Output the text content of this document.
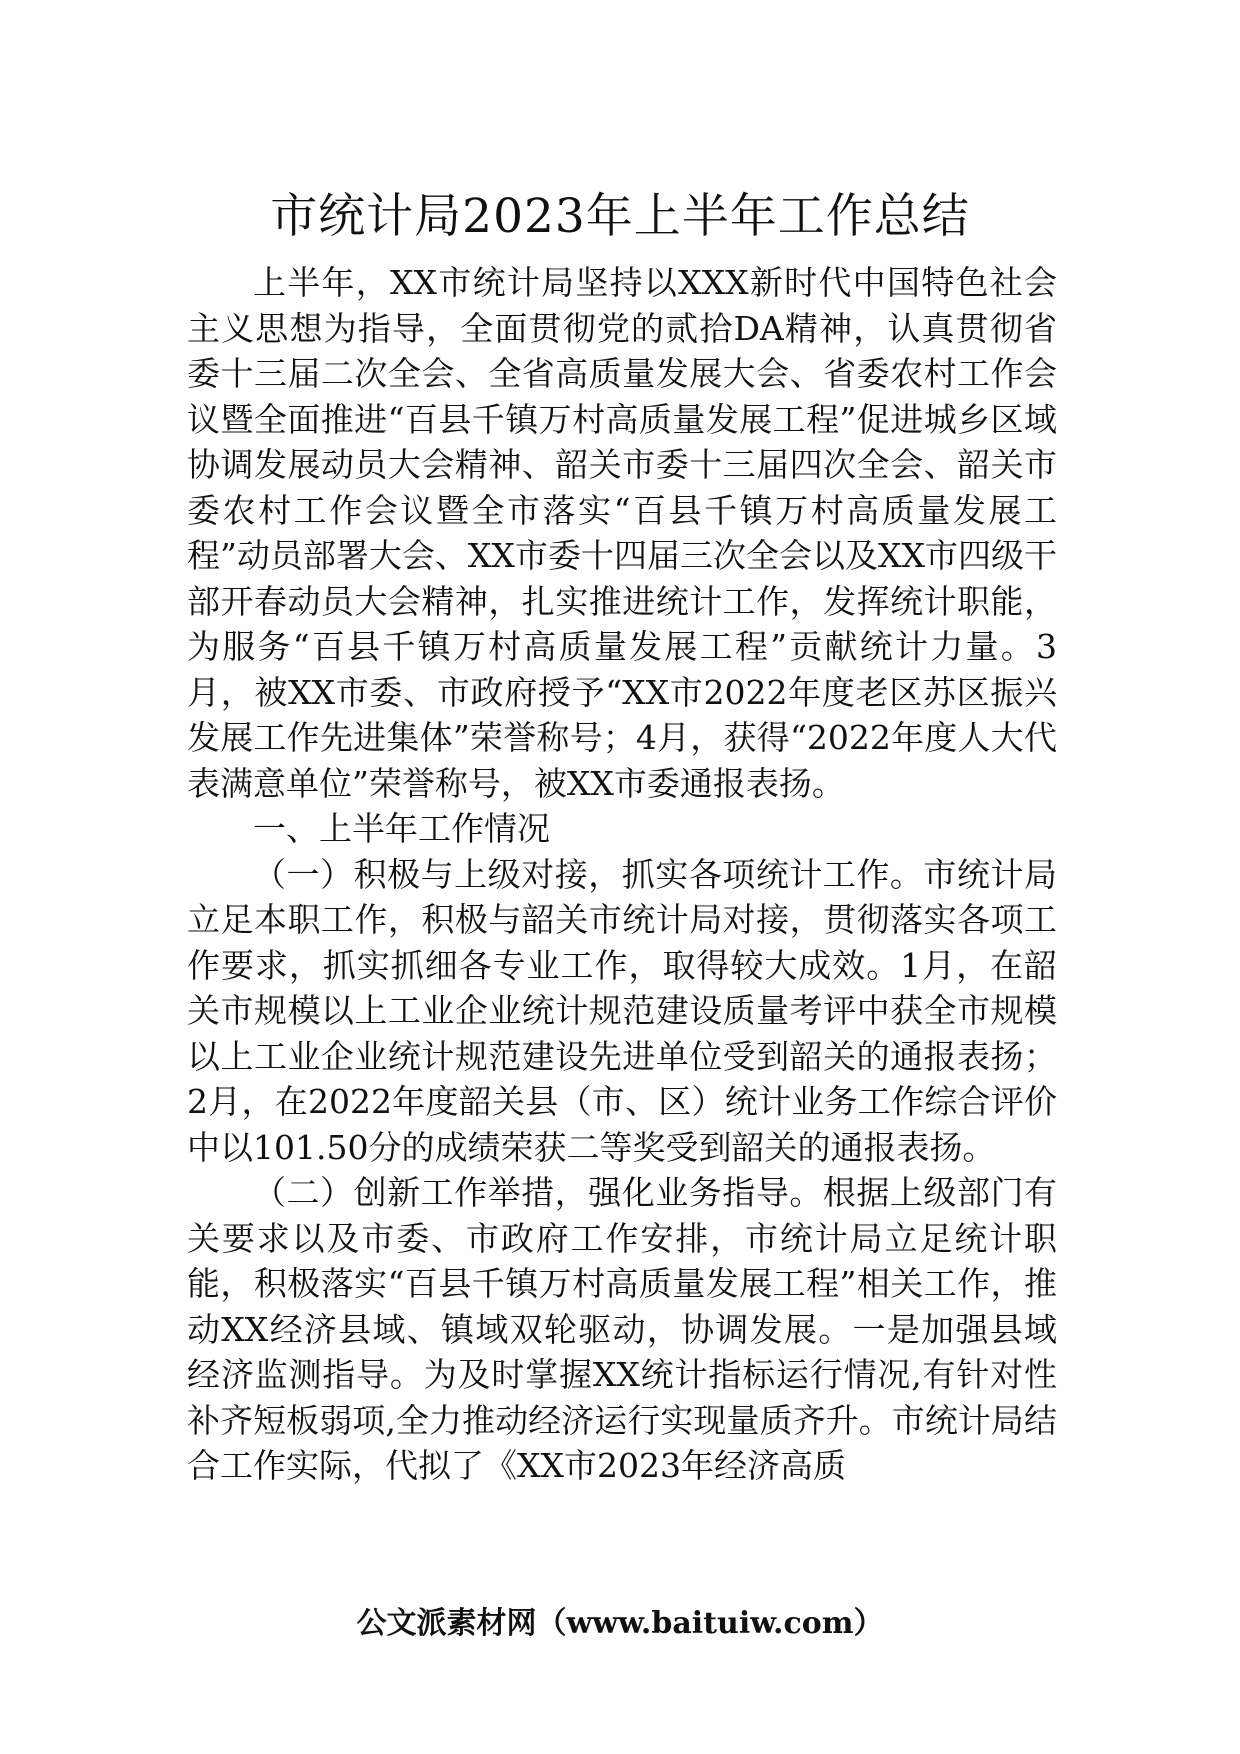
市统计局2023年上半年工作总结

上半年，XX市统计局坚持以XXX新时代中国特色社会主义思想为指导，全面贯彻党的贰拾DA精神，认真贯彻省委十三届二次全会、全省高质量发展大会、省委农村工作会议暨全面推进“百县千镇万村高质量发展工程”促进城乡区域协调发展动员大会精神、韶关市委十三届四次全会、韶关市委农村工作会议暨全市落实“百县千镇万村高质量发展工程”动员部署大会、XX市委十四届三次全会以及XX市四级干部开春动员大会精神，扎实推进统计工作，发挥统计职能，为服务“百县千镇万村高质量发展工程”贡献统计力量。3月，被XX市委、市政府授予“XX市2022年度老区苏区振兴发展工作先进集体”荣誉称号；4月，获得“2022年度人大代表满意单位”荣誉称号，被XX市委通报表扬。

一、上半年工作情况

（一）积极与上级对接，抓实各项统计工作。市统计局立足本职工作，积极与韶关市统计局对接，贯彻落实各项工作要求，抓实抓细各专业工作，取得较大成效。1月，在韶关市规模以上工业企业统计规范建设质量考评中获全市规模以上工业企业统计规范建设先进单位受到韶关的通报表扬；2月，在2022年度韶关县（市、区）统计业务工作综合评价中以101.50分的成绩荣获二等奖受到韶关的通报表扬。

（二）创新工作举措，强化业务指导。根据上级部门有关要求以及市委、市政府工作安排，市统计局立足统计职能，积极落实“百县千镇万村高质量发展工程”相关工作，推动XX经济县域、镇域双轮驱动，协调发展。一是加强县域经济监测指导。为及时掌握XX统计指标运行情况,有针对性补齐短板弱项,全力推动经济运行实现量质齐升。市统计局结合工作实际，代拟了《XX市2023年经济高质

公文派素材网（www.baituiw.com）
